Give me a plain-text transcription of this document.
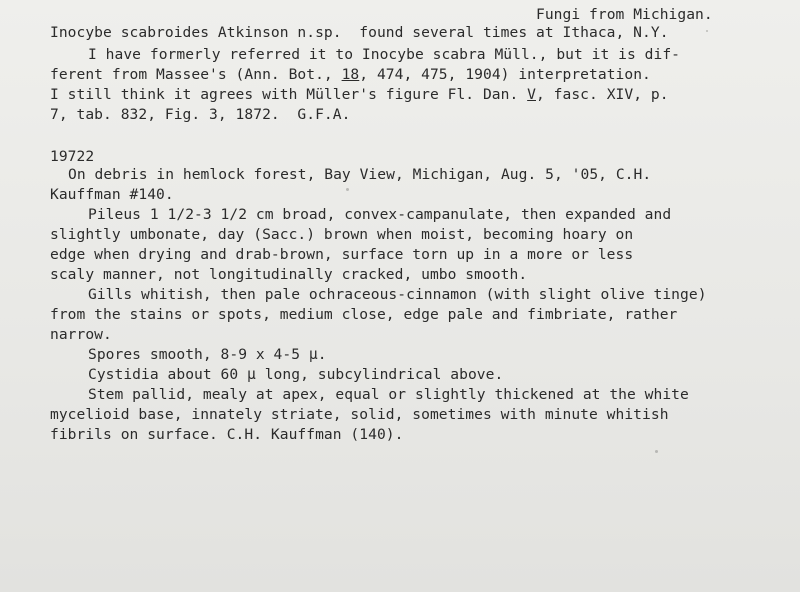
Fungi from Michigan.
Inocybe scabroides Atkinson n.sp.  found several times at Ithaca, N.Y.
I have formerly referred it to Inocybe scabra Müll., but it is dif-
ferent from Massee's (Ann. Bot., 18, 474, 475, 1904) interpretation.
I still think it agrees with Müller's figure Fl. Dan. V, fasc. XIV, p.
7, tab. 832, Fig. 3, 1872.  G.F.A.
19722
On debris in hemlock forest, Bay View, Michigan, Aug. 5, '05, C.H.
Kauffman #140.
Pileus 1 1/2-3 1/2 cm broad, convex-campanulate, then expanded and
slightly umbonate, day (Sacc.) brown when moist, becoming hoary on
edge when drying and drab-brown, surface torn up in a more or less
scaly manner, not longitudinally cracked, umbo smooth.
Gills whitish, then pale ochraceous-cinnamon (with slight olive tinge)
from the stains or spots, medium close, edge pale and fimbriate, rather
narrow.
Spores smooth, 8-9 x 4-5 μ.
Cystidia about 60 μ long, subcylindrical above.
Stem pallid, mealy at apex, equal or slightly thickened at the white
mycelioid base, innately striate, solid, sometimes with minute whitish
fibrils on surface. C.H. Kauffman (140).
